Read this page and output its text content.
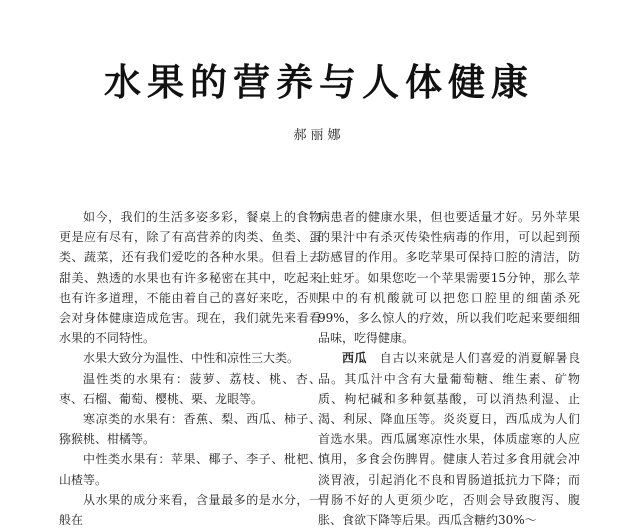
水果的营养与人体健康
郝丽娜

如今，我们的生活多姿多彩，餐桌上的食物更是应有尽有，除了有高营养的肉类、鱼类、蛋类、蔬菜，还有我们爱吃的各种水果。但看上去甜美、熟透的水果也有许多秘密在其中，吃起来也有许多道理，不能由着自己的喜好来吃，否则会对身体健康造成危害。现在，我们就先来看看水果的不同特性。

水果大致分为温性、中性和凉性三大类。

温性类的水果有：菠萝、荔枝、桃、杏、枣、石榴、葡萄、樱桃、栗、龙眼等。

寒凉类的水果有：香蕉、梨、西瓜、柿子、猕猴桃、柑橘等。

中性类水果有：苹果、椰子、李子、枇杷、山楂等。

从水果的成分来看，含量最多的是水分，一般在

病患者的健康水果，但也要适量才好。另外苹果的果汁中有杀灭传染性病毒的作用，可以起到预防感冒的作用。多吃苹果可保持口腔的清洁，防止蛀牙。如果您吃一个苹果需要15分钟，那么苹果中的有机酸就可以把您口腔里的细菌杀死99%，多么惊人的疗效，所以我们吃起来要细细品味，吃得健康。

西瓜　 自古以来就是人们喜爱的消夏解暑良品。其瓜汁中含有大量葡萄糖、维生素、矿物质、枸杞碱和多种氨基酸，可以消热利湿、止渴、利尿、降血压等。炎炎夏日，西瓜成为人们首选水果。西瓜属寒凉性水果，体质虚寒的人应慎用，多食会伤脾胃。健康人若过多食用就会冲淡胃液，引起消化不良和胃肠道抵抗力下降；而胃肠不好的人更须少吃，否则会导致腹泻、腹胀、食欲下降等后果。西瓜含糖约30%～
